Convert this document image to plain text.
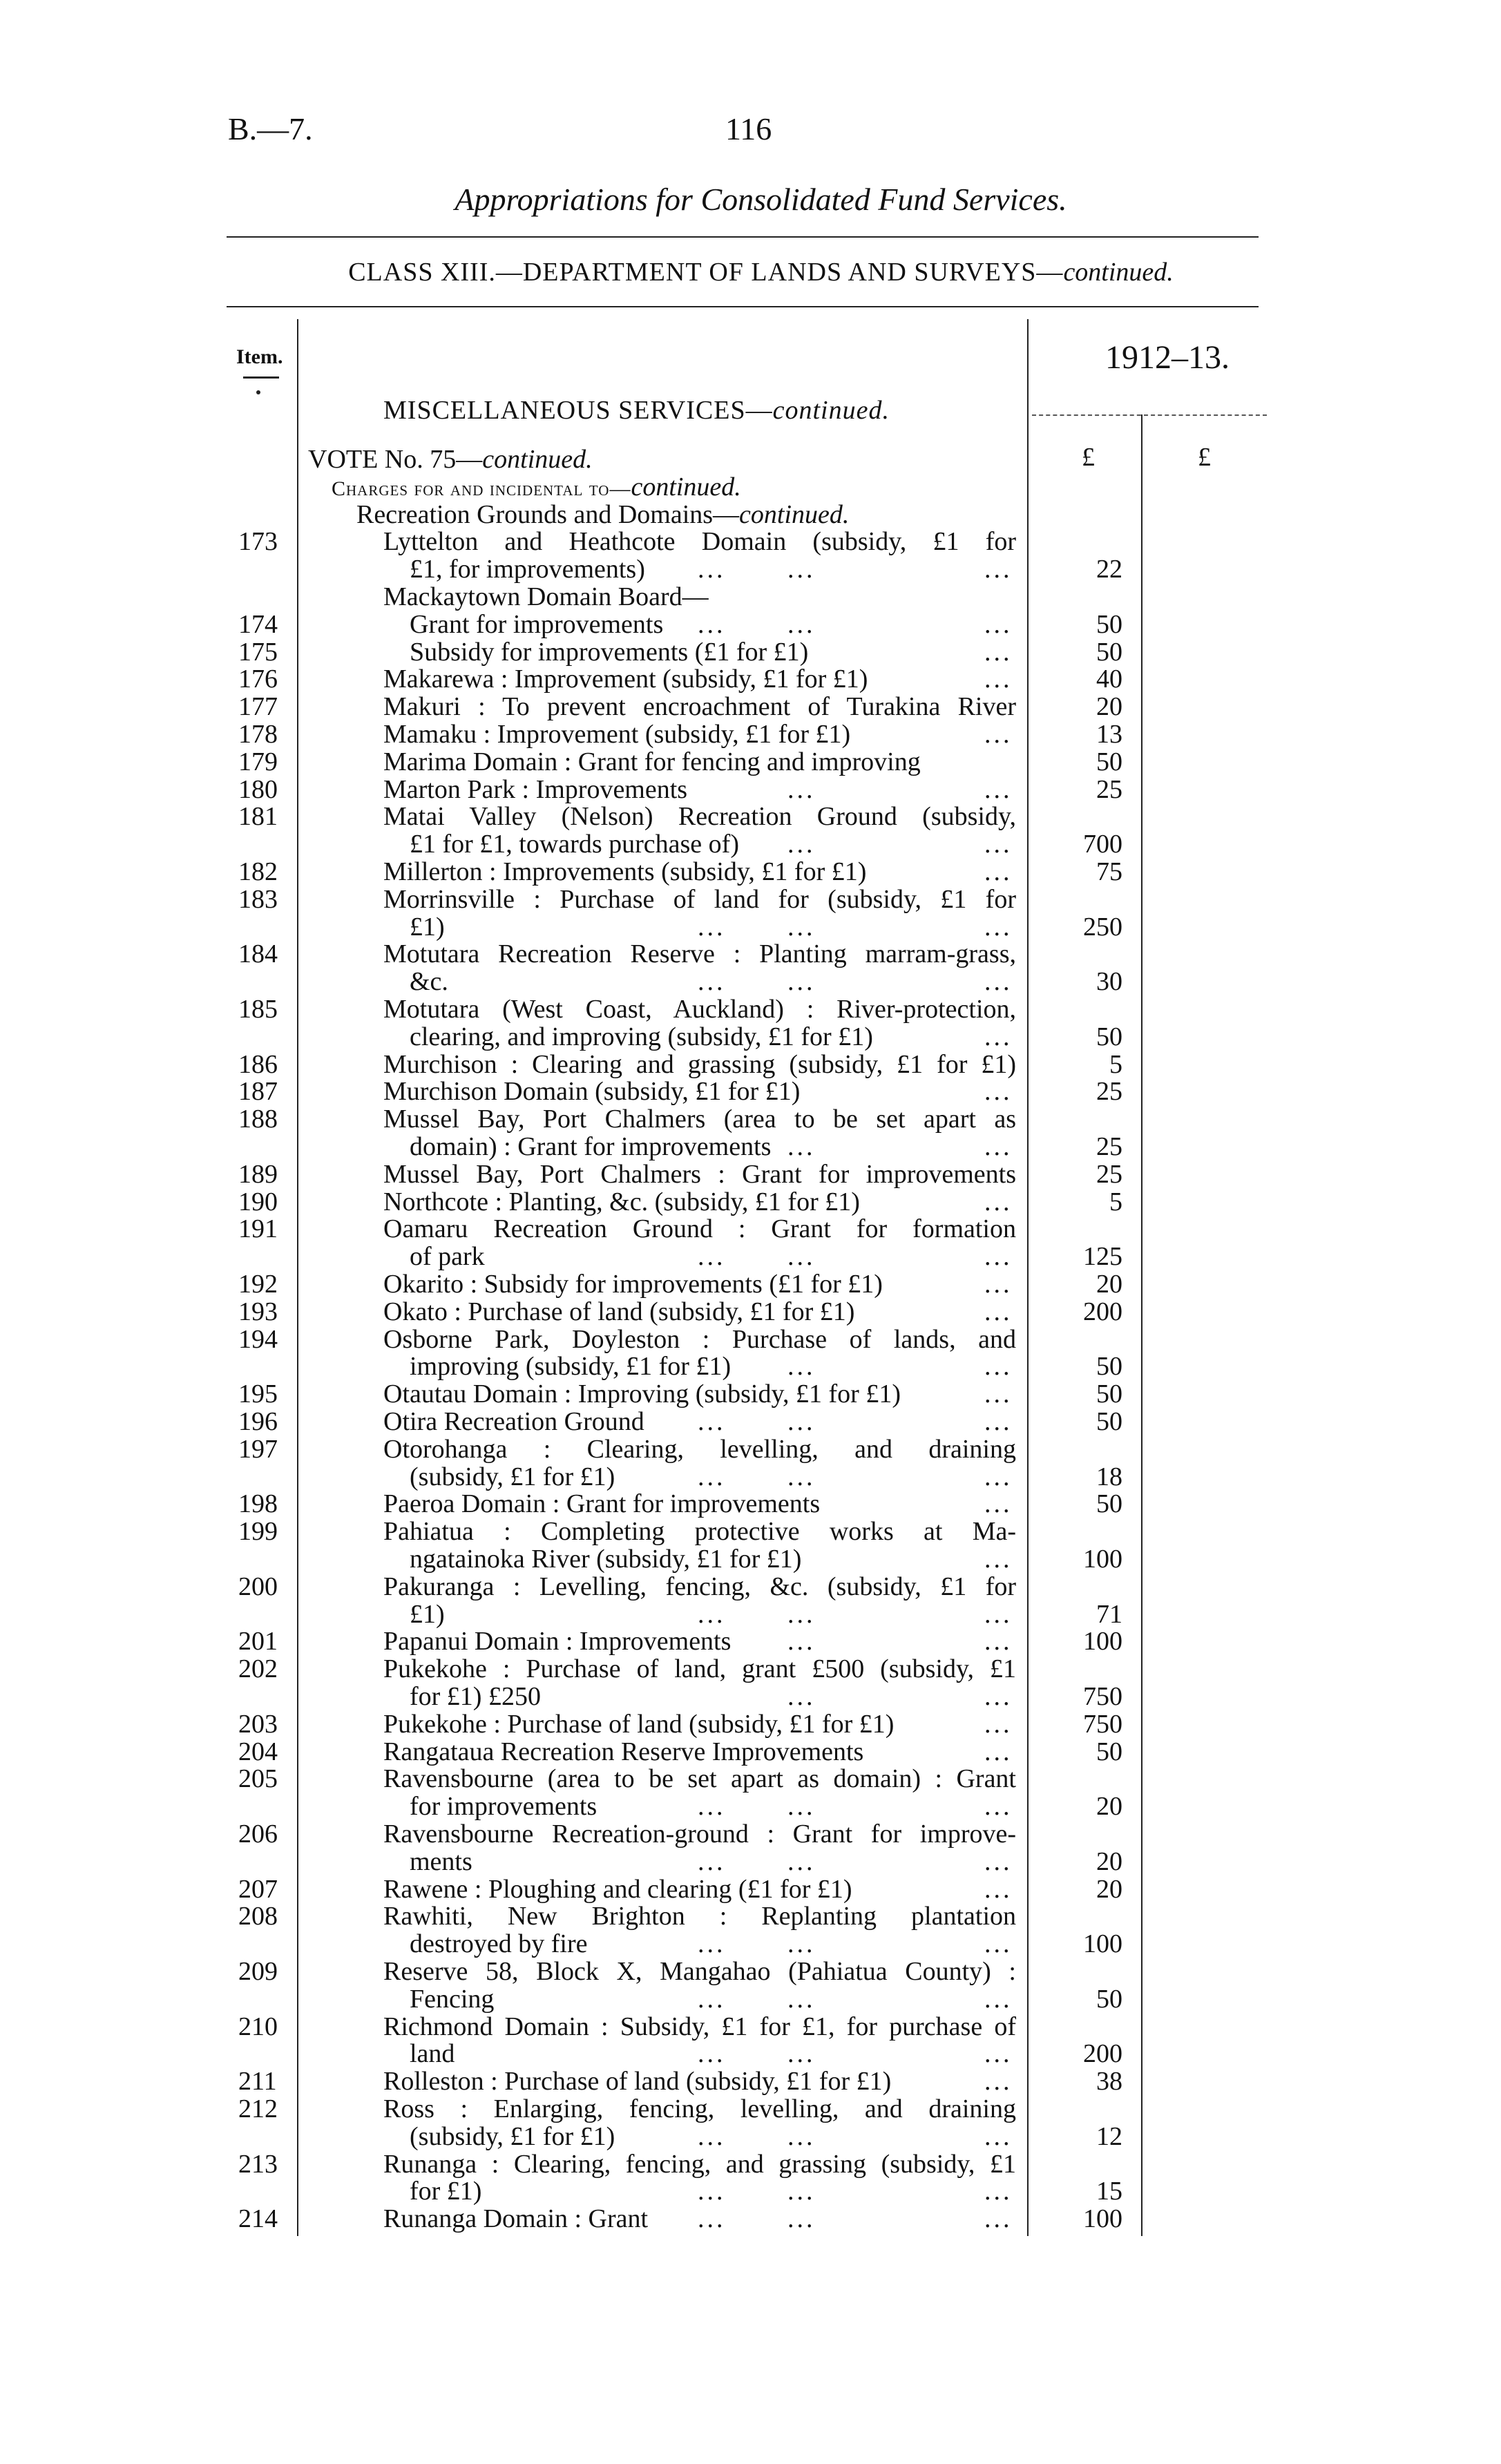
B.—7.	116
Appropriations for Consolidated Fund Services.
CLASS XIII.—DEPARTMENT OF LANDS AND SURVEYS—continued.
Item.	1912–13.
MISCELLANEOUS SERVICES—continued.
£	£
VOTE No. 75—continued.
Charges for and incidental to—continued.
Recreation Grounds and Domains—continued.
173	Lyttelton and Heathcote Domain (subsidy, £1 for
£1, for improvements) ... ...	...	22
Mackaytown Domain Board—
174	Grant for improvements ... ...	...	50
175	Subsidy for improvements (£1 for £1)	...	50
176	Makarewa : Improvement (subsidy, £1 for £1)	...	40
177	Makuri : To prevent encroachment of Turakina River	20
178	Mamaku : Improvement (subsidy, £1 for £1)	...	13
179	Marima Domain : Grant for fencing and improving	50
180	Marton Park : Improvements	...	...	25
181	Matai Valley (Nelson) Recreation Ground (subsidy,
£1 for £1, towards purchase of) ...	...	700
182	Millerton : Improvements (subsidy, £1 for £1)	...	75
183	Morrinsville : Purchase of land for (subsidy, £1 for
£1)	... ...	...	250
184	Motutara Recreation Reserve : Planting marram-grass,
&c.	... ...	...	30
185	Motutara (West Coast, Auckland) : River-protection,
clearing, and improving (subsidy, £1 for £1)	...	50
186	Murchison : Clearing and grassing (subsidy, £1 for £1)	5
187	Murchison Domain (subsidy, £1 for £1)	...	25
188	Mussel Bay, Port Chalmers (area to be set apart as
domain) : Grant for improvements ...	...	25
189	Mussel Bay, Port Chalmers : Grant for improvements	25
190	Northcote : Planting, &c. (subsidy, £1 for £1)	...	5
191	Oamaru Recreation Ground : Grant for formation
of park	... ...	...	125
192	Okarito : Subsidy for improvements (£1 for £1)	...	20
193	Okato : Purchase of land (subsidy, £1 for £1)	...	200
194	Osborne Park, Doyleston : Purchase of lands, and
improving (subsidy, £1 for £1) ...	...	50
195	Otautau Domain : Improving (subsidy, £1 for £1)	...	50
196	Otira Recreation Ground ... ...	...	50
197	Otorohanga : Clearing, levelling, and draining
(subsidy, £1 for £1)	... ...	...	18
198	Paeroa Domain : Grant for improvements	...	50
199	Pahiatua : Completing protective works at Ma-
ngatainoka River (subsidy, £1 for £1)	...	100
200	Pakuranga : Levelling, fencing, &c. (subsidy, £1 for
£1)	... ...	...	71
201	Papanui Domain : Improvements ...	...	100
202	Pukekohe : Purchase of land, grant £500 (subsidy, £1
for £1) £250	...	...	750
203	Pukekohe : Purchase of land (subsidy, £1 for £1)	...	750
204	Rangataua Recreation Reserve Improvements	...	50
205	Ravensbourne (area to be set apart as domain) : Grant
for improvements	... ...	...	20
206	Ravensbourne Recreation-ground : Grant for improve-
ments	... ...	...	20
207	Rawene : Ploughing and clearing (£1 for £1)	...	20
208	Rawhiti, New Brighton : Replanting plantation
destroyed by fire	... ...	...	100
209	Reserve 58, Block X, Mangahao (Pahiatua County) :
Fencing	... ...	...	50
210	Richmond Domain : Subsidy, £1 for £1, for purchase of
land	... ...	...	200
211	Rolleston : Purchase of land (subsidy, £1 for £1)	...	38
212	Ross : Enlarging, fencing, levelling, and draining
(subsidy, £1 for £1)	... ...	...	12
213	Runanga : Clearing, fencing, and grassing (subsidy, £1
for £1)	... ...	...	15
214	Runanga Domain : Grant ... ...	...	100
